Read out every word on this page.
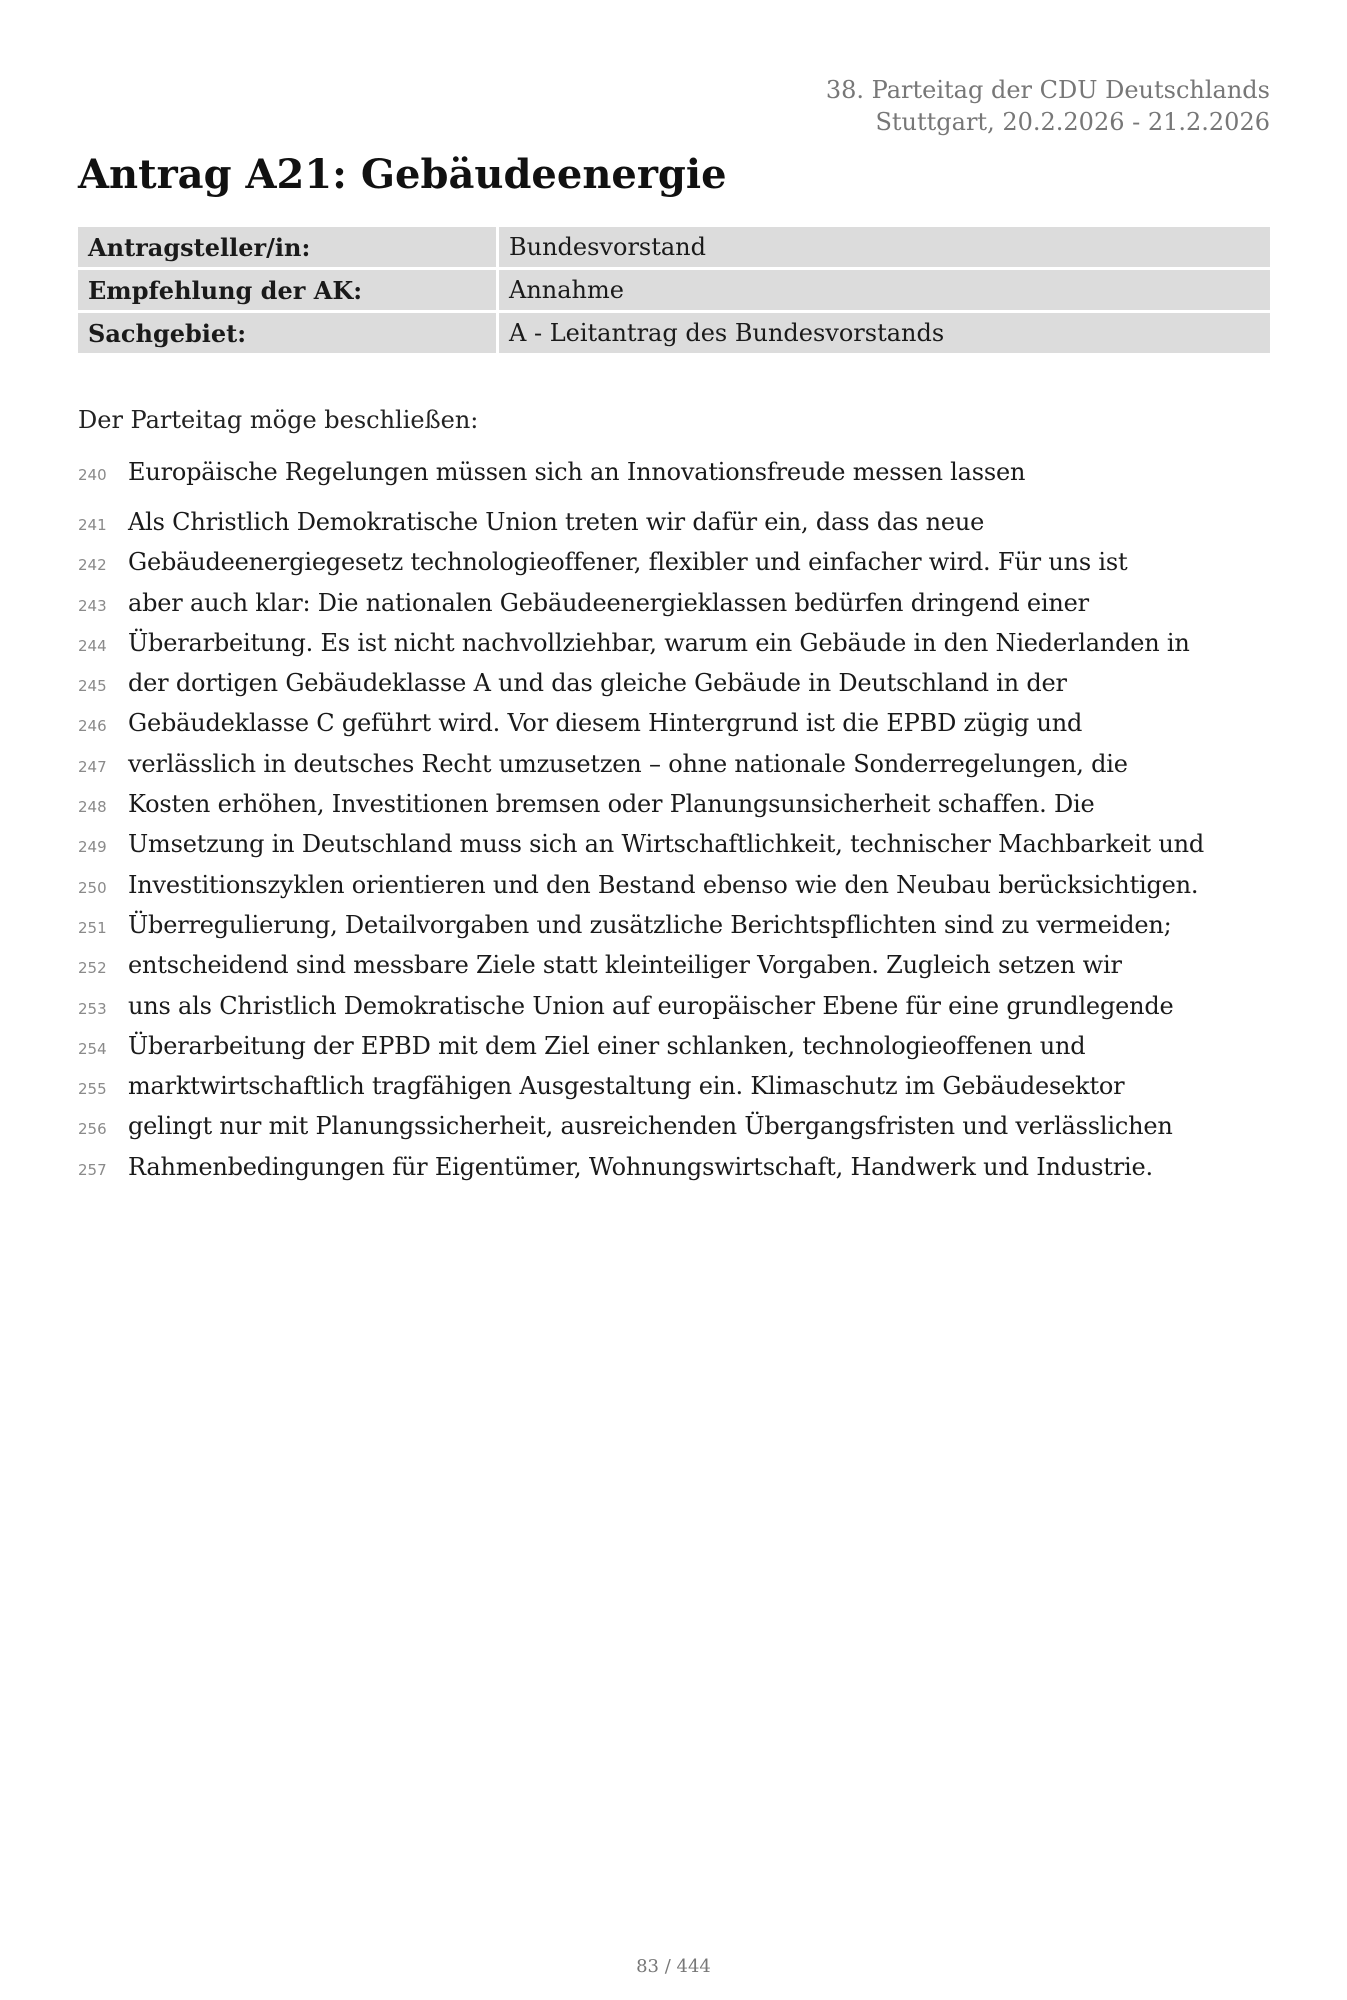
38. Parteitag der CDU Deutschlands
Stuttgart, 20.2.2026 - 21.2.2026
Antrag A21: Gebäudeenergie
Antragsteller/in:	Bundesvorstand
Empfehlung der AK:	Annahme
Sachgebiet:	A - Leitantrag des Bundesvorstands
Der Parteitag möge beschließen:
240 Europäische Regelungen müssen sich an Innovationsfreude messen lassen
241 Als Christlich Demokratische Union treten wir dafür ein, dass das neue
242 Gebäudeenergiegesetz technologieoffener, flexibler und einfacher wird. Für uns ist
243 aber auch klar: Die nationalen Gebäudeenergieklassen bedürfen dringend einer
244 Überarbeitung. Es ist nicht nachvollziehbar, warum ein Gebäude in den Niederlanden in
245 der dortigen Gebäudeklasse A und das gleiche Gebäude in Deutschland in der
246 Gebäudeklasse C geführt wird. Vor diesem Hintergrund ist die EPBD zügig und
247 verlässlich in deutsches Recht umzusetzen – ohne nationale Sonderregelungen, die
248 Kosten erhöhen, Investitionen bremsen oder Planungsunsicherheit schaffen. Die
249 Umsetzung in Deutschland muss sich an Wirtschaftlichkeit, technischer Machbarkeit und
250 Investitionszyklen orientieren und den Bestand ebenso wie den Neubau berücksichtigen.
251 Überregulierung, Detailvorgaben und zusätzliche Berichtspflichten sind zu vermeiden;
252 entscheidend sind messbare Ziele statt kleinteiliger Vorgaben. Zugleich setzen wir
253 uns als Christlich Demokratische Union auf europäischer Ebene für eine grundlegende
254 Überarbeitung der EPBD mit dem Ziel einer schlanken, technologieoffenen und
255 marktwirtschaftlich tragfähigen Ausgestaltung ein. Klimaschutz im Gebäudesektor
256 gelingt nur mit Planungssicherheit, ausreichenden Übergangsfristen und verlässlichen
257 Rahmenbedingungen für Eigentümer, Wohnungswirtschaft, Handwerk und Industrie.
83 / 444
